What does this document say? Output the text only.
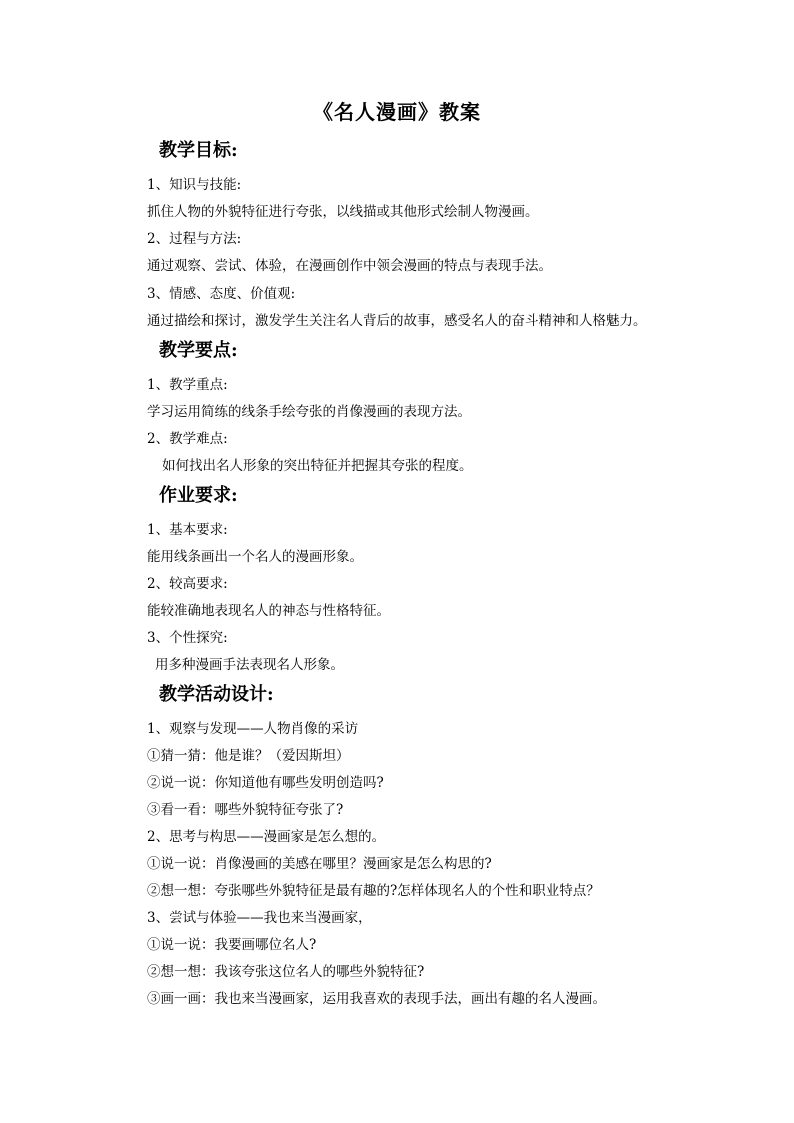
《名人漫画》教案
教学目标:
1、知识与技能:
抓住人物的外貌特征进行夸张，以线描或其他形式绘制人物漫画。
2、过程与方法:
通过观察、尝试、体验，在漫画创作中领会漫画的特点与表现手法。
3、情感、态度、价值观:
通过描绘和探讨，激发学生关注名人背后的故事，感受名人的奋斗精神和人格魅力。
教学要点:
1、教学重点:
学习运用简练的线条手绘夸张的肖像漫画的表现方法。
2、教学难点:
如何找出名人形象的突出特征并把握其夸张的程度。
作业要求:
1、基本要求:
能用线条画出一个名人的漫画形象。
2、较高要求:
能较准确地表现名人的神态与性格特征。
3、个性探究:
用多种漫画手法表现名人形象。
教学活动设计:
1、观察与发现——人物肖像的采访
①猜一猜：他是谁？（爱因斯坦）
②说一说：你知道他有哪些发明创造吗?
③看一看：哪些外貌特征夸张了?
2、思考与构思——漫画家是怎么想的。
①说一说：肖像漫画的美感在哪里？漫画家是怎么构思的?
②想一想：夸张哪些外貌特征是最有趣的?怎样体现名人的个性和职业特点？
3、尝试与体验——我也来当漫画家，
①说一说：我要画哪位名人?
②想一想：我该夸张这位名人的哪些外貌特征?
③画一画：我也来当漫画家，运用我喜欢的表现手法，画出有趣的名人漫画。
